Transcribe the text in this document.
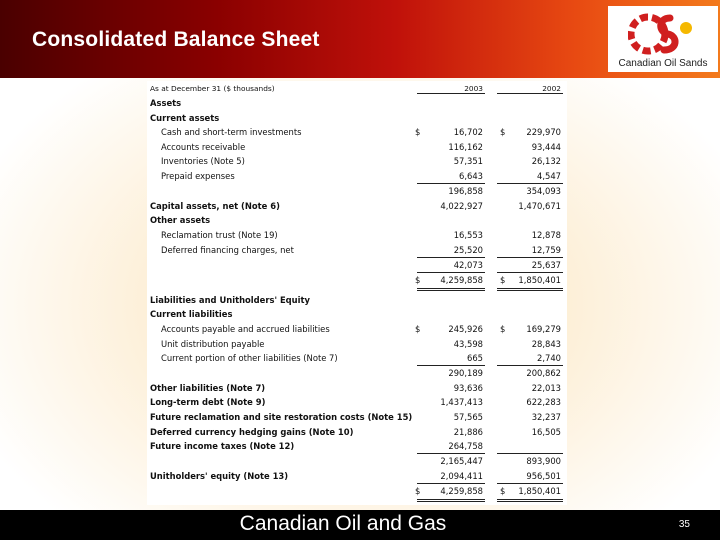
Consolidated Balance Sheet
Canadian Oil Sands
As at December 31 ($ thousands)	2003	2002
Assets
Current assets
Cash and short-term investments	$	16,702 $	229,970
Accounts receivable	116,162	93,444
Inventories (Note 5)	57,351	26,132
Prepaid expenses	6,643	4,547
196,858	354,093
Capital assets, net (Note 6)	4,022,927	1,470,671
Other assets
Reclamation trust (Note 19)	16,553	12,878
Deferred financing charges, net	25,520	12,759
42,073	25,637
$ 4,259,858 $ 1,850,401
Liabilities and Unitholders' Equity
Current liabilities
Accounts payable and accrued liabilities	$	245,926 $	169,279
Unit distribution payable	43,598	28,843
Current portion of other liabilities (Note 7)	665	2,740
290,189	200,862
Other liabilities (Note 7)	93,636	22,013
Long-term debt (Note 9)	1,437,413	622,283
Future reclamation and site restoration costs (Note 15)	57,565	32,237
Deferred currency hedging gains (Note 10)	21,886	16,505
Future income taxes (Note 12)	264,758
2,165,447	893,900
Unitholders' equity (Note 13)	2,094,411	956,501
$ 4,259,858 $ 1,850,401
Canadian Oil and Gas	35
